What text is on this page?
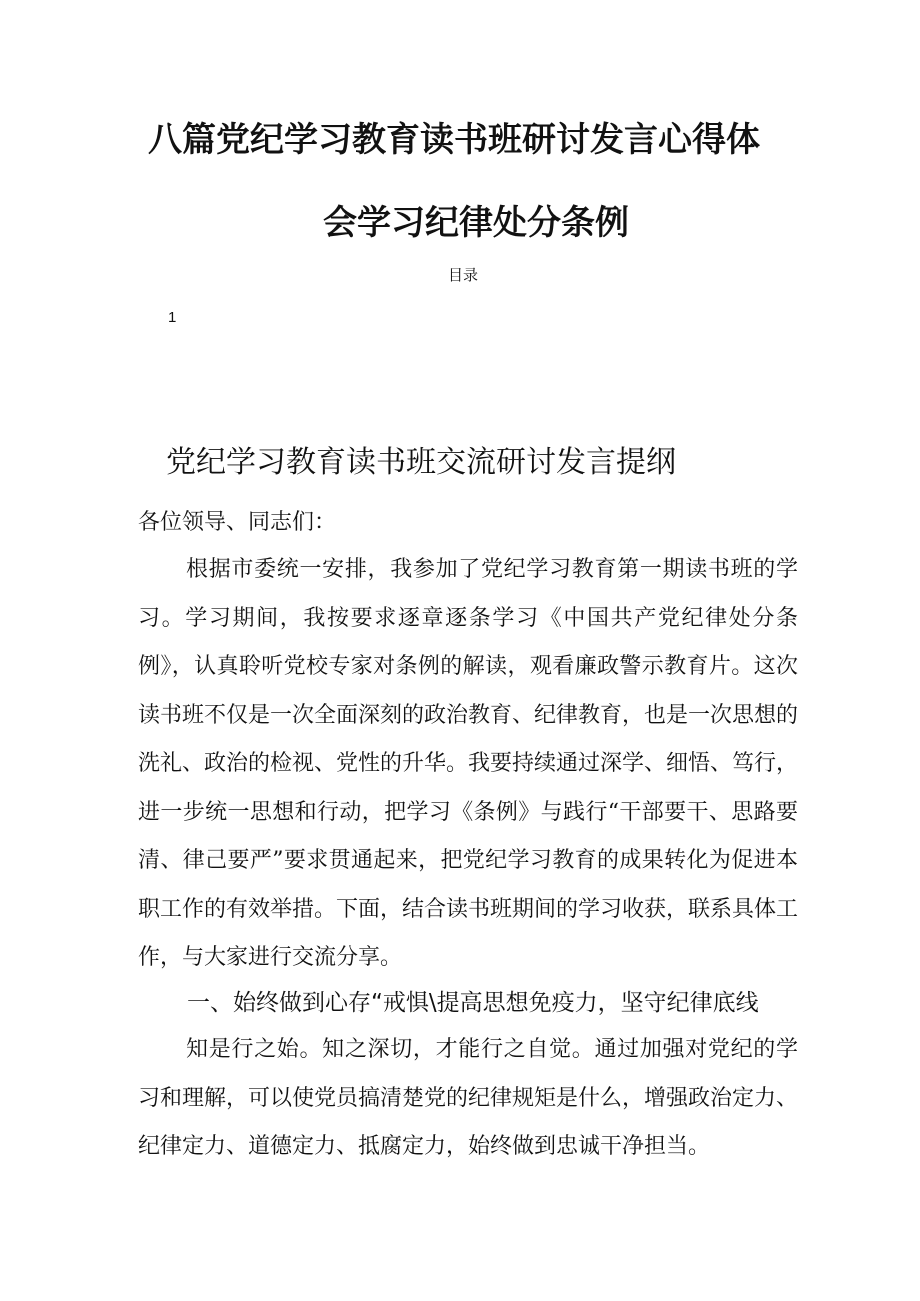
八篇党纪学习教育读书班研讨发言心得体
会学习纪律处分条例
目录
1
党纪学习教育读书班交流研讨发言提纲

各位领导、同志们：

根据市委统一安排，我参加了党纪学习教育第一期读书班的学习。学习期间，我按要求逐章逐条学习《中国共产党纪律处分条例》，认真聆听党校专家对条例的解读，观看廉政警示教育片。这次读书班不仅是一次全面深刻的政治教育、纪律教育，也是一次思想的洗礼、政治的检视、党性的升华。我要持续通过深学、细悟、笃行，进一步统一思想和行动，把学习《条例》与践行“干部要干、思路要清、律己要严”要求贯通起来，把党纪学习教育的成果转化为促进本职工作的有效举措。下面，结合读书班期间的学习收获，联系具体工作，与大家进行交流分享。

一、始终做到心存“戒惧\提高思想免疫力，坚守纪律底线

知是行之始。知之深切，才能行之自觉。通过加强对党纪的学习和理解，可以使党员搞清楚党的纪律规矩是什么，增强政治定力、纪律定力、道德定力、抵腐定力，始终做到忠诚干净担当。
